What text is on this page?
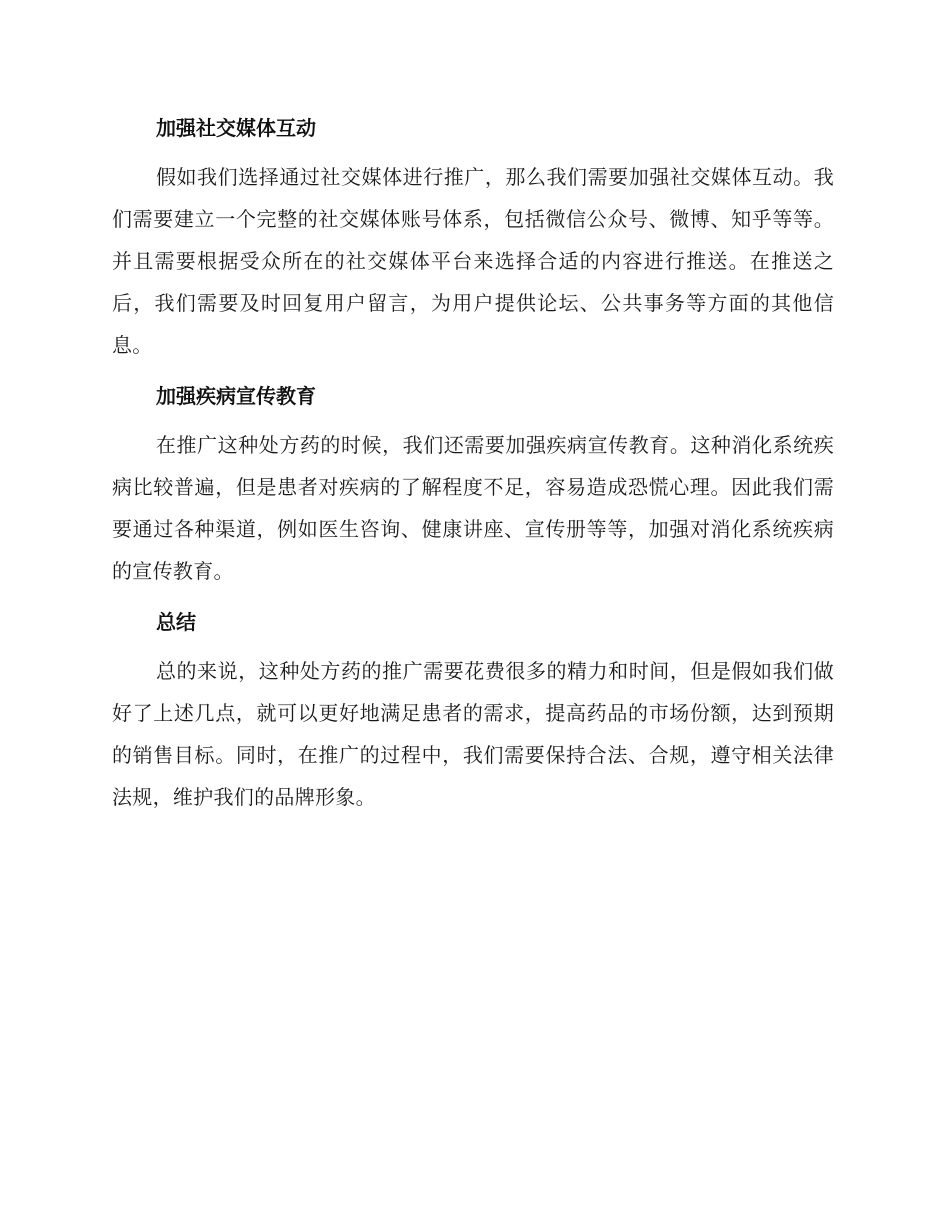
加强社交媒体互动

假如我们选择通过社交媒体进行推广，那么我们需要加强社交媒体互动。我们需要建立一个完整的社交媒体账号体系，包括微信公众号、微博、知乎等等。并且需要根据受众所在的社交媒体平台来选择合适的内容进行推送。在推送之后，我们需要及时回复用户留言，为用户提供论坛、公共事务等方面的其他信息。

加强疾病宣传教育

在推广这种处方药的时候，我们还需要加强疾病宣传教育。这种消化系统疾病比较普遍，但是患者对疾病的了解程度不足，容易造成恐慌心理。因此我们需要通过各种渠道，例如医生咨询、健康讲座、宣传册等等，加强对消化系统疾病的宣传教育。

总结

总的来说，这种处方药的推广需要花费很多的精力和时间，但是假如我们做好了上述几点，就可以更好地满足患者的需求，提高药品的市场份额，达到预期的销售目标。同时，在推广的过程中，我们需要保持合法、合规，遵守相关法律法规，维护我们的品牌形象。
